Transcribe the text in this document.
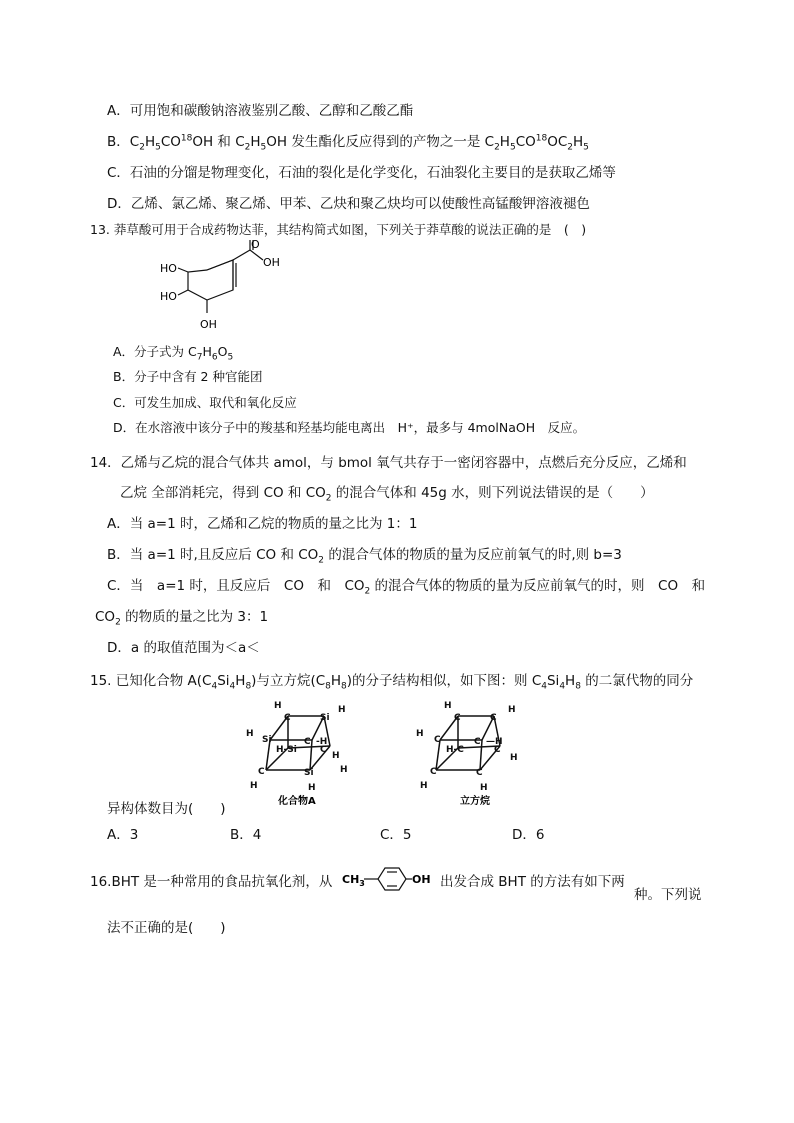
A．可用饱和碳酸钠溶液鉴别乙酸、乙醇和乙酸乙酯
B．$C_2H_5CO^{18}OH$ 和 $C_2H_5OH$ 发生酯化反应得到的产物之一是 $C_2H_5CO^{18}OC_2H_5$
C．石油的分馏是物理变化，石油的裂化是化学变化，石油裂化主要目的是获取乙烯等
D．乙烯、氯乙烯、聚乙烯、甲苯、乙炔和聚乙炔均可以使酸性高锰酸钾溶液褪色
13. 莽草酸可用于合成药物达菲，其结构简式如图，下列关于莽草酸的说法正确的是　(　)
O
OH
HO
HO
OH
A．分子式为 $C_7H_6O_5$
B．分子中含有 2 种官能团
C．可发生加成、取代和氧化反应
D．在水溶液中该分子中的羧基和羟基均能电离出　H⁺，最多与 4molNaOH　反应。
14．乙烯与乙烷的混合气体共 amol，与 bmol 氧气共存于一密闭容器中，点燃后充分反应，乙烯和
乙烷 全部消耗完，得到 CO 和 $CO_2$ 的混合气体和 45g 水，则下列说法错误的是（　　）
A．当 a=1 时，乙烯和乙烷的物质的量之比为 1：1
B．当 a=1 时,且反应后 CO 和 $CO_2$ 的混合气体的物质的量为反应前氧气的时,则 b=3
C．当　a=1 时，且反应后　CO　和　$CO_2$ 的混合气体的物质的量为反应前氧气的时，则　CO　和
$CO_2$ 的物质的量之比为 3：1
D．a 的取值范围为＜a＜
15. 已知化合物 $A(C_4Si_4H_8)$与立方烷$(C_8H_8)$的分子结构相似，如下图：则 $C_4Si_4H_8$ 的二氯代物的同分
H
C	Si
H
H
Si	C -H
H-Si	C
H
C	Si	H
H	H
化合物A
H
C	C
H
H
C	C —H
H-C	C
H
C	C
H	H
立方烷
异构体数目为(　　)
A．3	B．4	C．5	D．6
16.BHT 是一种常用的食品抗氧化剂，从 $CH_3$	OH 出发合成 BHT 的方法有如下两
种。下列说
法不正确的是(　　)
